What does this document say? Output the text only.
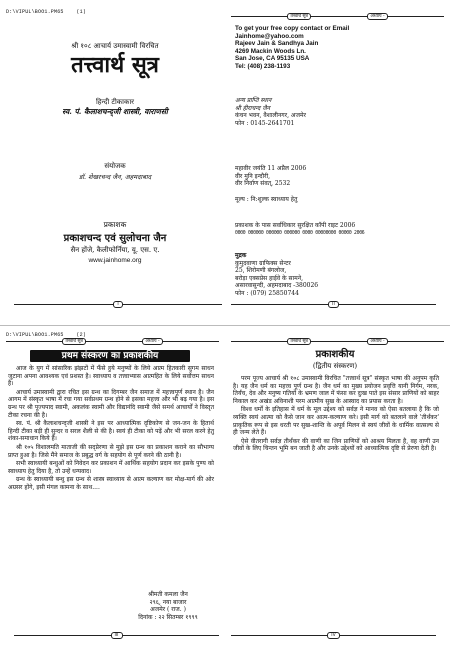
D:\VIPUL\BOO1.PM65	(1)
श्री १०८ आचार्य उमास्वामी विरचित
तत्त्वार्थ सूत्र
हिन्दी टीकाकार
स्व. पं. कैलाशचन्द्जी शास्त्री, वाराणसी
संयोजक
डॉ. शेखरचन्द जैन, अहमदाबाद
प्रकाशक
प्रकाशचन्द एवं सुलोचना जैन
सैन होंजे, कैलीफोर्निया, यू. एस. ए.
www.jainhome.org
I
तत्त्वार्थ सूत्र	अध्याय -
To get your free copy contact or Email
Jainhome@yahoo.com
Rajeev Jain & Sandhya Jain
4269 Mackin Woods Ln.
San Jose, CA 95135 USA
Tel: (408) 238-1193
अन्य प्राप्ति स्थान
श्री हीराचन्द जैन
कंचन भवन, वैशालीनगर, अजमेर
फोन : 0145-2641701
महावीर जयंति 11 अप्रैल 2006
वीर मुनि इन्दौरी,
वीर निर्वाण संवत्, 2532
मूल्य : नि:शुल्क स्वाध्याय हेतु
प्रकाशक के पास सर्वाधिकार सुरक्षित कॉपी राइट 2006
0000 000000 000000 000000 0000 00000000 00000 2006
मुद्रक
कुमुदवाणा ग्राफिक्स सेन्टर
25, शिरोमणी बंगलोज,
बरोड़ा एक्सप्रेस हाईवे के सामने,
असारवासुन्दी, अहमदाबाद -380026
फोन : (079) 25850744
II
D:\VIPUL\BOO1.PM65	(2)
तत्त्वार्थ सूत्र	अध्याय -
प्रथम संस्करण का प्रकाशकीय

आज के युग में सांसारिक झंझटों में फँसे हुये मनुष्यों के लिये आत्म हितकारी सुगम साधन जुटाना अपना आवश्यक एवं प्रशस्त है। स्वाध्याय व तत्त्वाभ्यास आत्महित के लिये सर्वोत्तम साधन है।

आचार्य उमास्वामी द्वारा रचित इस ग्रन्थ का दिगम्बर जैन समाज में महत्त्वपूर्ण स्थान है। जैन आगम में संस्कृत भाषा में रचा गया सर्वप्रथम ग्रन्थ होने से इसका महत्त्व और भी बढ़ गया है। इस ग्रन्थ पर श्री पूज्यपाद स्वामी, अकलंक स्वामी और विद्यानंदि स्वामी जैसे समर्थ आचार्यों ने विस्तृत टीका रचना की है।

स्व. पं. श्री कैलाशचन्द्जी शास्त्री ने इस पर आध्यात्मिक दृष्टिकोण से जन-जन के हितार्थ हिन्दी टीका बड़ी ही सुन्दर व सरल शैली से की है। स्वयं ही टीका को पढ़ें और भी सरल करने हेतु शंका-समाधान किये हैं।

श्री १०५ विशालमति माताजी की सद्प्रेरणा से मुझे इस ग्रन्थ का प्रकाशन कराने का सौभाग्य प्राप्त हुआ है। जिसे मैंने समाज के प्रबुद्ध वर्ग के सहयोग से पूर्ण करने की ठानी है।

सभी स्वाध्यायी बन्धुओं को निवेदन कर प्रकाशन में आर्थिक सहयोग प्रदान कर इसके पुण्य को स्वाध्याय हेतु दिया है, तो उन्हें धन्यवाद।

ग्रन्थ के स्वाध्यायी बन्धु इस ग्रन्थ से शास्त्र स्वाध्याय से आत्म कल्याण कर मोक्ष-मार्ग की ओर अग्रसर होंगे, इसी मंगल कामना के साथ....

श्रीमती कमला जैन
२९६, नया बाजार
अजमेर ( राज. )
दिनांक : २२ सितम्बर १९९९
III
तत्त्वार्थ सूत्र	अध्याय -
प्रकाशकीय
(द्वितीय संस्करण)

परम पूज्य आचार्य श्री १०८ उमास्वामी विरचित "तत्त्वार्थ सूत्र" संस्कृत भाषा की अनुपम कृति है। यह जैन धर्म का महत्त्व पूर्ण ग्रन्थ है। जैन धर्म का मुख्य प्रयोजन प्रवृत्ति यानी निर्गम, नरक, तिर्यंच, देव और मनुष्य गतियों के भ्रमण जाल में फंसा कर दुःख पाते इस संसार प्राणियों को बाहर निकाल कर अखंड अविनाशी परम आत्मीय सुख के आस्वाद का प्रयास करता है।

विश्व धर्मों के इतिहास में धर्म के मूल उद्देश्य को सर्वज्ञ ने मानव को ऐसा बतलाया है कि जो व्यक्ति स्वयं आत्मा को कैसे जान कर आत्म-कल्याण करे। इसी मार्ग को बतलाने वाले 'तीर्थंकर' प्राकृतिक रूप से इस धरती पर सुख-शान्ति के अपूर्व मिलन से स्वयं जीवों के धार्मिक वात्सल्य से ही जन्म लेते हैं।

ऐसे वीतरागी सर्वज्ञ तीर्थंकर की वाणी का जिन प्राणियों को आश्रय मिलता है, वह वाणी उन जीवों के लिए चिन्तन भूमि बन जाती है और उनके उद्देश्यों को आध्यात्मिक दृष्टि से प्रेरणा देती है।

IV
